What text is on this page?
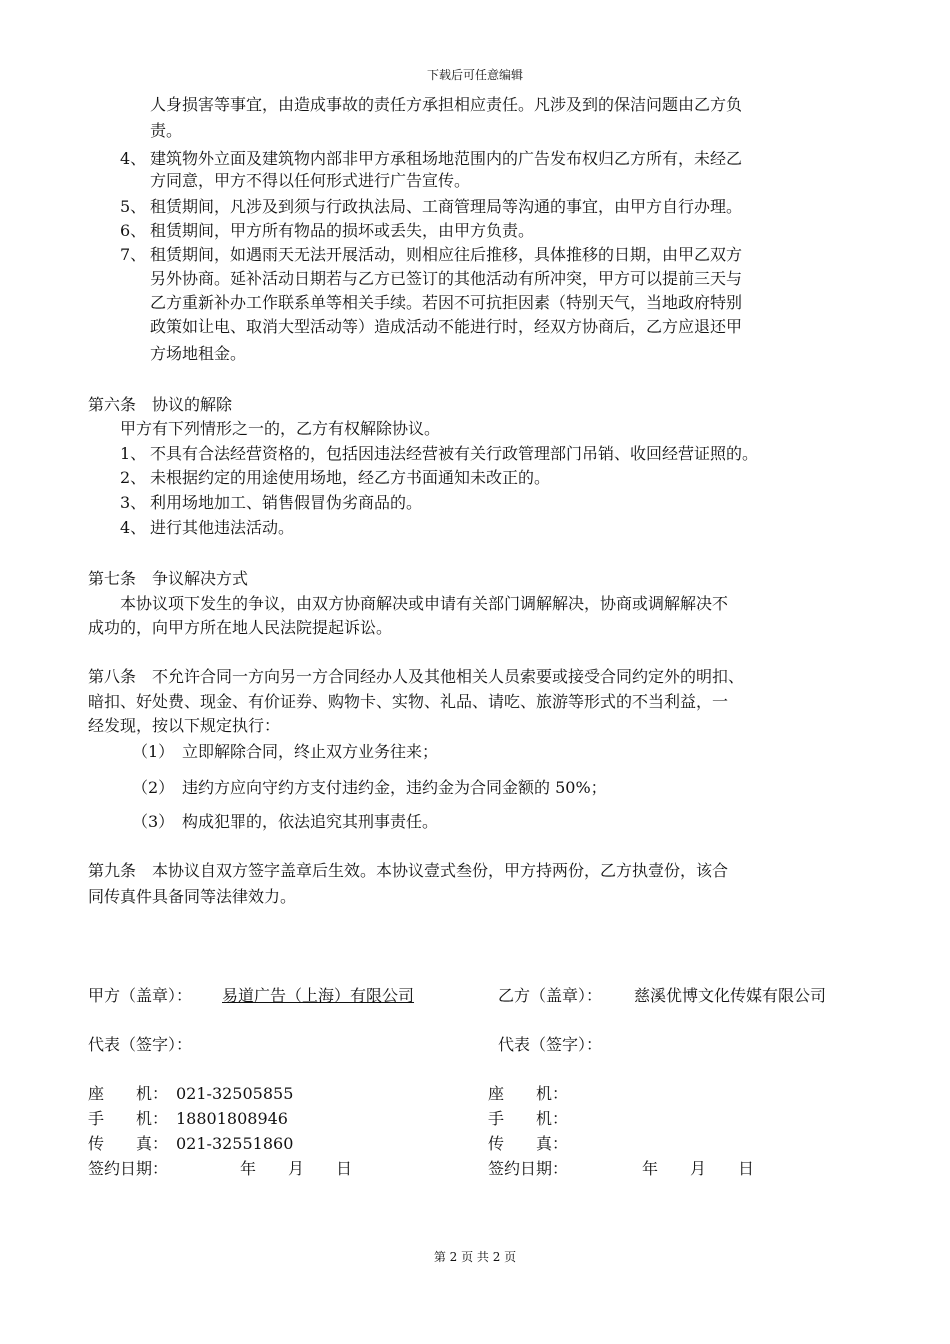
下载后可任意编辑
人身损害等事宜，由造成事故的责任方承担相应责任。凡涉及到的保洁问题由乙方负
责。
4、 建筑物外立面及建筑物内部非甲方承租场地范围内的广告发布权归乙方所有，未经乙
方同意，甲方不得以任何形式进行广告宣传。
5、 租赁期间，凡涉及到须与行政执法局、工商管理局等沟通的事宜，由甲方自行办理。
6、 租赁期间，甲方所有物品的损坏或丢失，由甲方负责。
7、 租赁期间，如遇雨天无法开展活动，则相应往后推移，具体推移的日期，由甲乙双方
另外协商。延补活动日期若与乙方已签订的其他活动有所冲突，甲方可以提前三天与
乙方重新补办工作联系单等相关手续。若因不可抗拒因素（特别天气，当地政府特别
政策如让电、取消大型活动等）造成活动不能进行时，经双方协商后，乙方应退还甲
方场地租金。
第六条　协议的解除
甲方有下列情形之一的，乙方有权解除协议。
1、 不具有合法经营资格的，包括因违法经营被有关行政管理部门吊销、收回经营证照的。
2、 未根据约定的用途使用场地，经乙方书面通知未改正的。
3、 利用场地加工、销售假冒伪劣商品的。
4、 进行其他违法活动。
第七条　争议解决方式
本协议项下发生的争议，由双方协商解决或申请有关部门调解解决，协商或调解解决不
成功的，向甲方所在地人民法院提起诉讼。
第八条　不允许合同一方向另一方合同经办人及其他相关人员索要或接受合同约定外的明扣、
暗扣、好处费、现金、有价证券、购物卡、实物、礼品、请吃、旅游等形式的不当利益，一
经发现，按以下规定执行：
（1） 立即解除合同，终止双方业务往来；
（2） 违约方应向守约方支付违约金，违约金为合同金额的 50%；
（3） 构成犯罪的，依法追究其刑事责任。
第九条　本协议自双方签字盖章后生效。本协议壹式叁份，甲方持两份，乙方执壹份，该合
同传真件具备同等法律效力。
甲方（盖章）： 易道广告（上海）有限公司
代表（签字）：
座　　机： 021-32505855
手　　机： 18801808946
传　　真： 021-32551860
签约日期：	年　　月　　日
乙方（盖章）： 慈溪优博文化传媒有限公司
代表（签字）：
座　　机：
手　　机：
传　　真：
签约日期：	年　　月　　日
第 2 页 共 2 页
